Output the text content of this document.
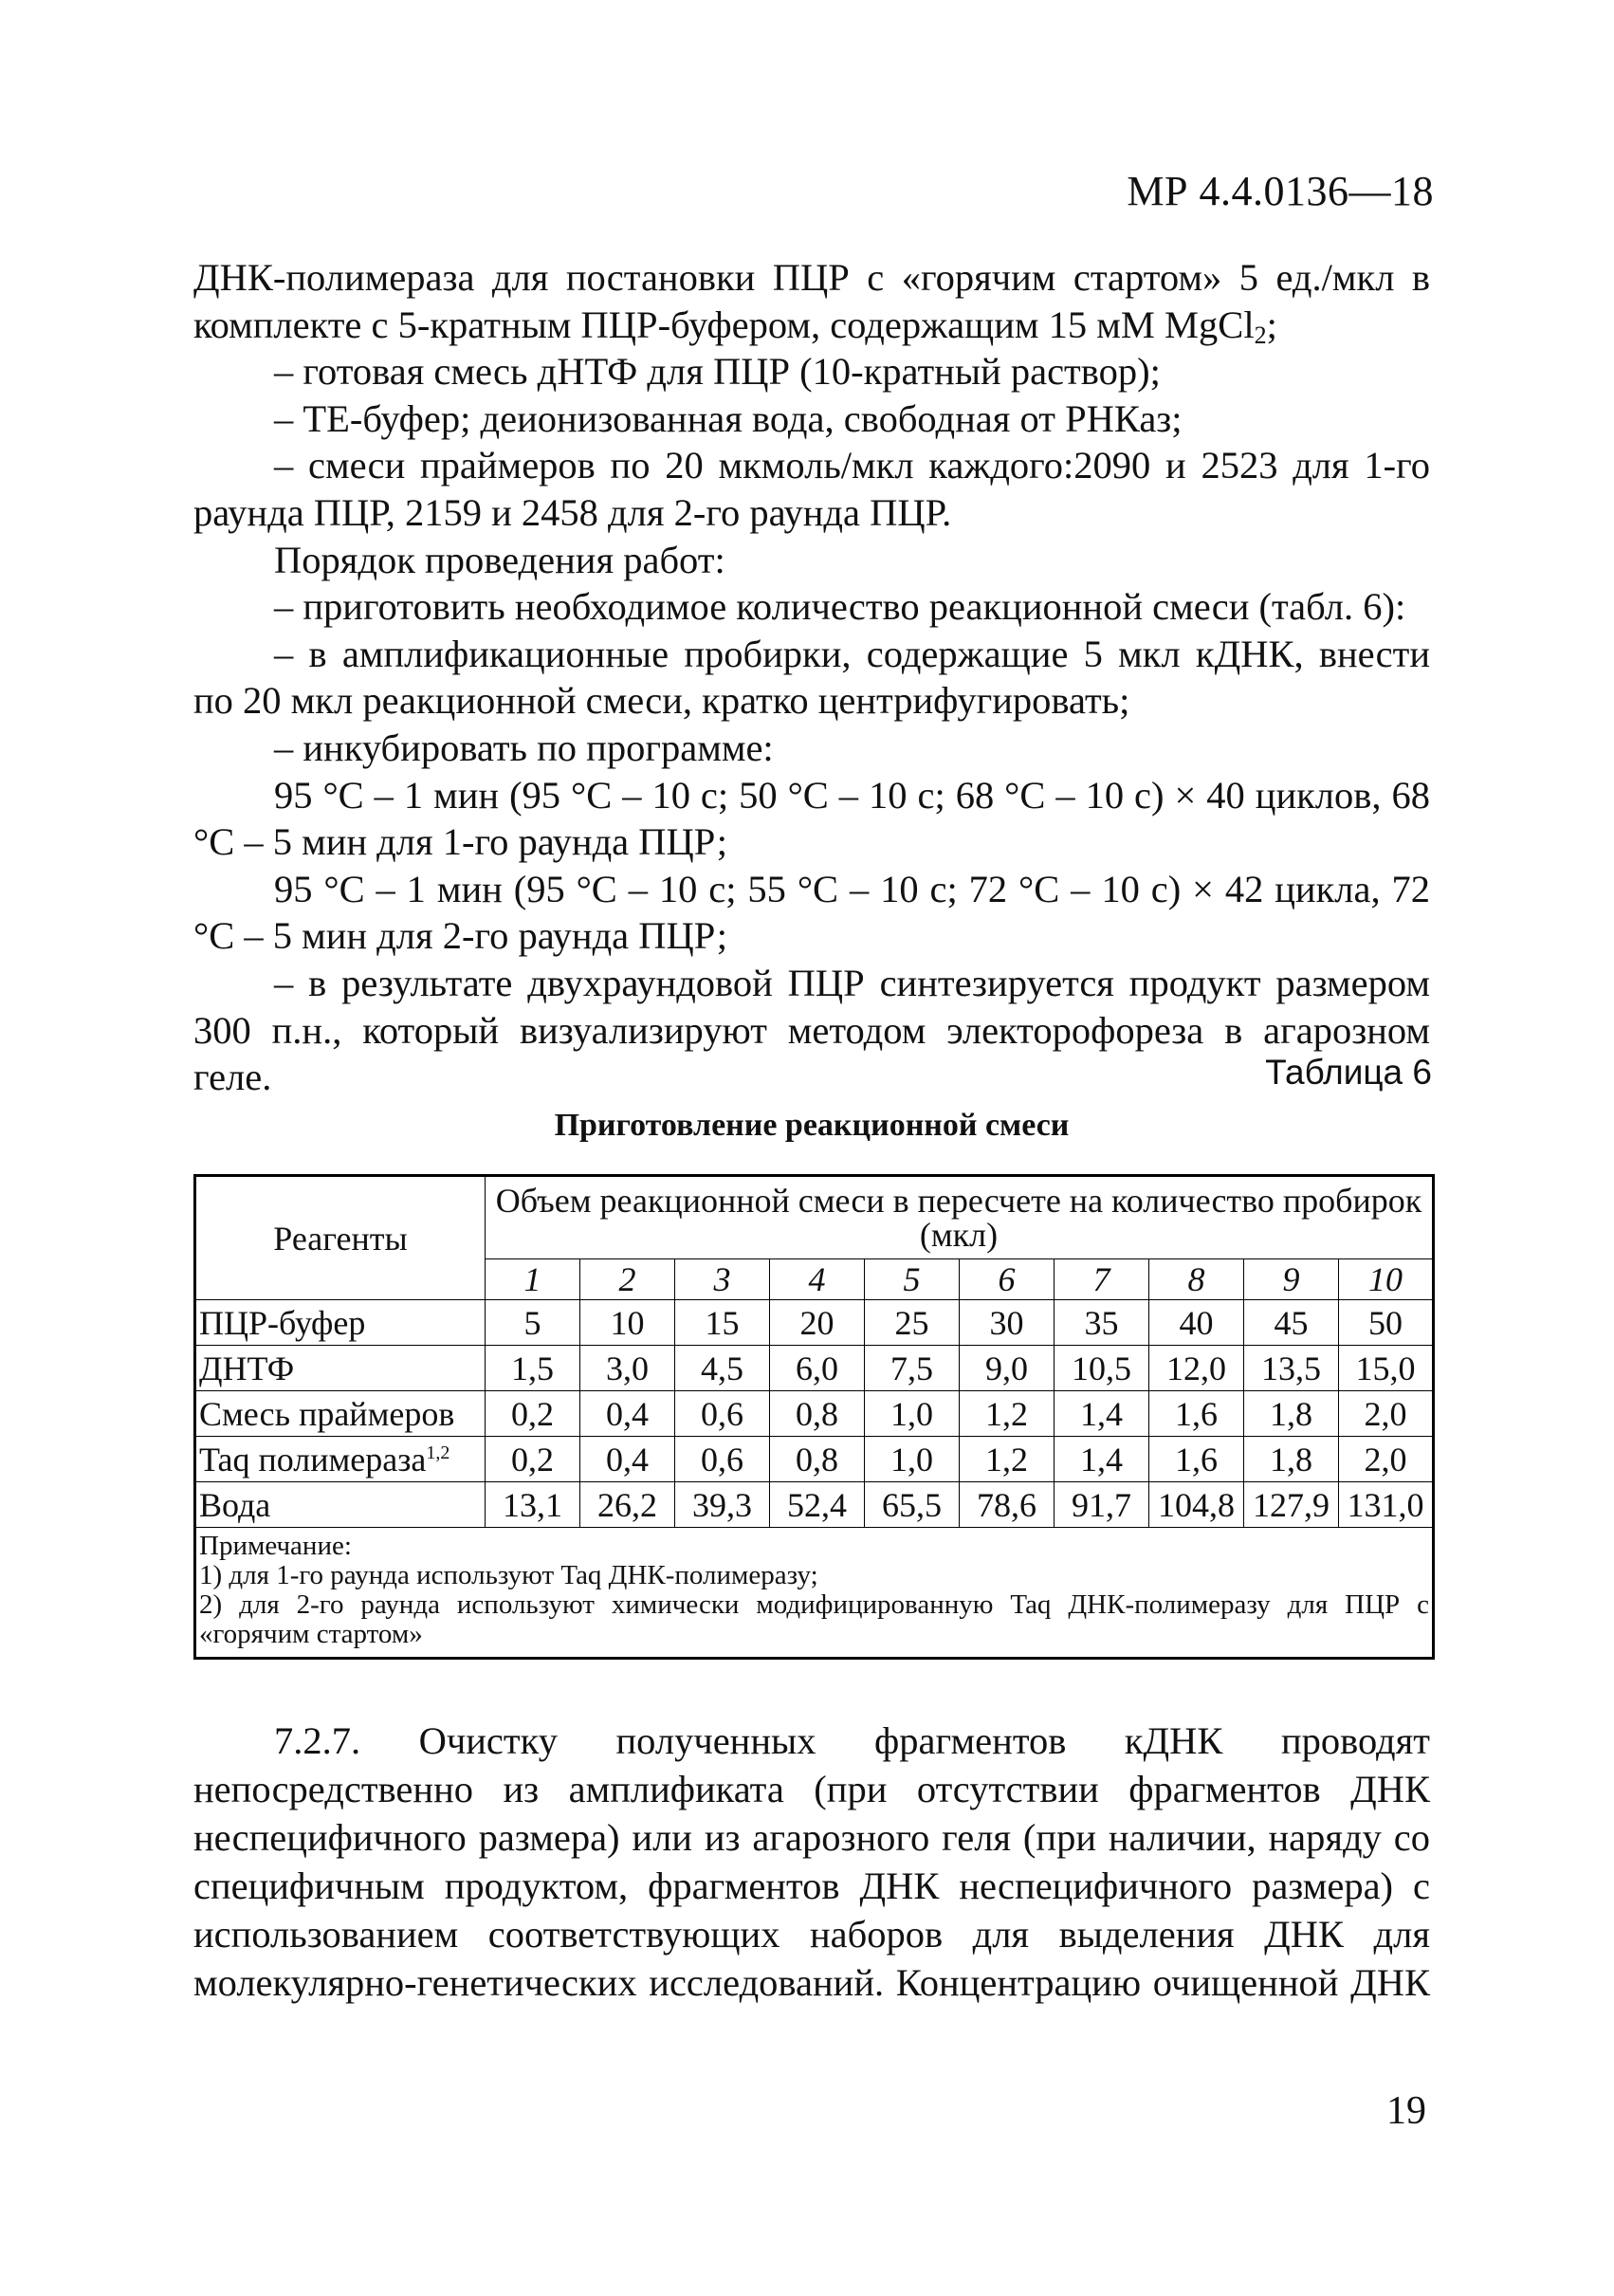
МР 4.4.0136—18

ДНК-полимераза для постановки ПЦР с «горячим стартом» 5 ед./мкл в комплекте с 5-кратным ПЦР-буфером, содержащим 15 мМ MgCl$_2$;

– готовая смесь дНТФ для ПЦР (10-кратный раствор);

– ТЕ-буфер; деионизованная вода, свободная от РНКаз;

– смеси праймеров по 20 мкмоль/мкл каждого:2090 и 2523 для 1-го раунда ПЦР, 2159 и 2458 для 2-го раунда ПЦР.

Порядок проведения работ:

– приготовить необходимое количество реакционной смеси (табл. 6):

– в амплификационные пробирки, содержащие 5 мкл кДНК, внести по 20 мкл реакционной смеси, кратко центрифугировать;

– инкубировать по программе:

95 °С – 1 мин (95 °С – 10 с; 50 °С – 10 с; 68 °С – 10 с) × 40 циклов, 68 °С – 5 мин для 1-го раунда ПЦР;

95 °С – 1 мин (95 °С – 10 с; 55 °С – 10 с; 72 °С – 10 с) × 42 цикла, 72 °С – 5 мин для 2-го раунда ПЦР;

– в результате двухраундовой ПЦР синтезируется продукт размером 300 п.н., который визуализируют методом электорофореза в агарозном геле.	Таблица 6
Приготовление реакционной смеси
Реагенты	Объем реакционной смеси в пересчете на количество пробирок (мкл)									
	1	2	3	4	5	6	7	8	9	10
ПЦР-буфер	5	10	15	20	25	30	35	40	45	50
ДНТФ	1,5	3,0	4,5	6,0	7,5	9,0	10,5	12,0	13,5	15,0
Смесь праймеров	0,2	0,4	0,6	0,8	1,0	1,2	1,4	1,6	1,8	2,0
Taq полимераза$^{1,2}$	0,2	0,4	0,6	0,8	1,0	1,2	1,4	1,6	1,8	2,0
Вода	13,1	26,2	39,3	52,4	65,5	78,6	91,7	104,8	127,9	131,0

Примечание:
1) для 1-го раунда используют Taq ДНК-полимеразу;
2) для 2-го раунда используют химически модифицированную Taq ДНК-полимеразу для ПЦР с «горячим стартом»										

7.2.7. Очистку полученных фрагментов кДНК проводят непосредственно из амплификата (при отсутствии фрагментов ДНК неспецифичного размера) или из агарозного геля (при наличии, наряду со специфичным продуктом, фрагментов ДНК неспецифичного размера) с использованием соответствующих наборов для выделения ДНК для молекулярно-генетических исследований. Концентрацию очищенной ДНК

19
